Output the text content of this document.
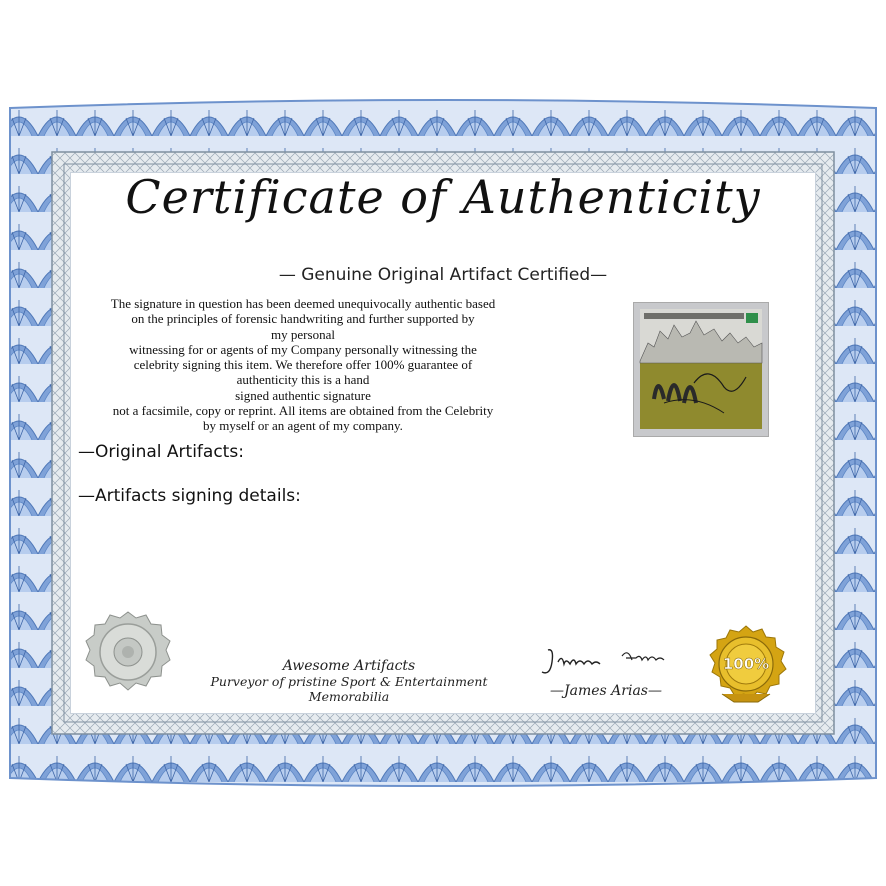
Certificate of Authenticity
— Genuine Original Artifact Certified—
The signature in question has been deemed unequivocally authentic based
on the principles of forensic handwriting and further supported by
my personal
witnessing for or agents of my Company personally witnessing the
celebrity signing this item. We therefore offer 100% guarantee of
authenticity this is a hand
signed authentic signature
not a facsimile, copy or reprint. All items are obtained from the Celebrity
by myself or an agent of my company.
—Original Artifacts:
—Artifacts signing details:
Awesome Artifacts
Purveyor of pristine Sport & Entertainment Memorabilia	—James Arias—
100%
